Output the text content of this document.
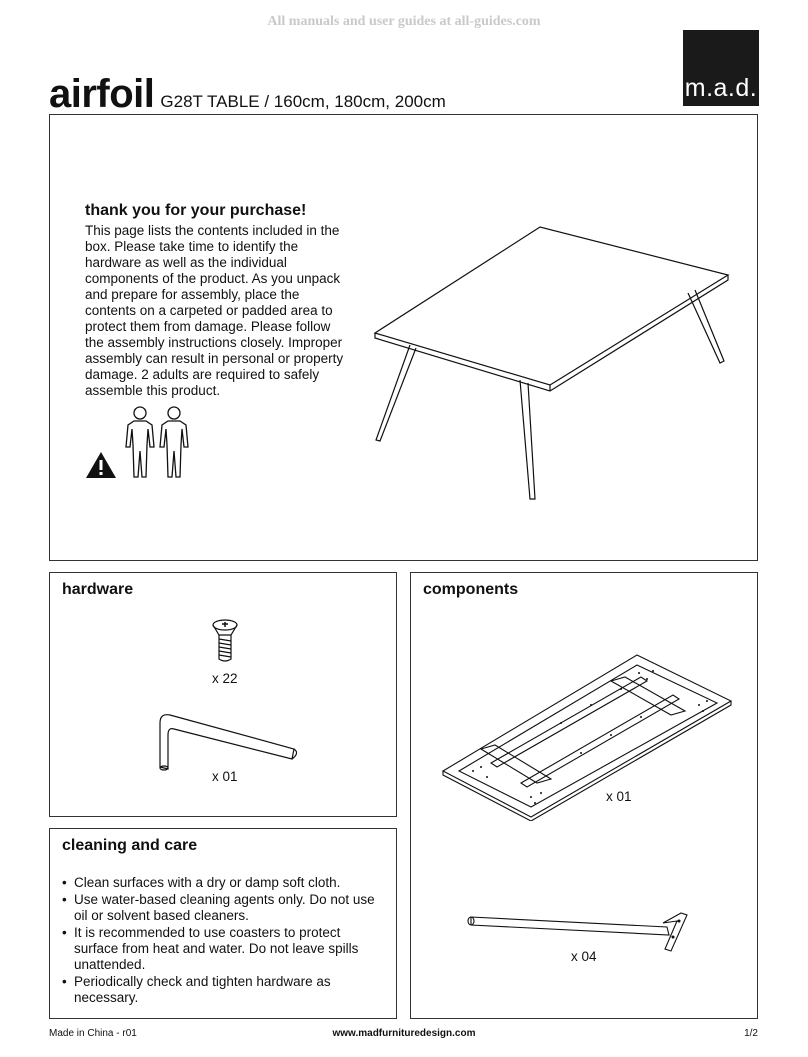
All manuals and user guides at all-guides.com
airfoil G28T TABLE / 160cm, 180cm, 200cm	m.a.d.
thank you for your purchase!

This page lists the contents included in the box. Please take time to identify the hardware as well as the individual components of the product. As you unpack and prepare for assembly, place the contents on a carpeted or padded area to protect them from damage. Please follow the assembly instructions closely. Improper assembly can result in personal or property damage. 2 adults are required to safely assemble this product.

hardware
x 22
x 01
cleaning and care
• Clean surfaces with a dry or damp soft cloth.
• Use water-based cleaning agents only. Do not use oil or solvent based cleaners.
• It is recommended to use coasters to protect surface from heat and water. Do not leave spills unattended.
• Periodically check and tighten hardware as necessary.
components
x 01
x 04
Made in China - r01	www.madfurnituredesign.com	1/2
